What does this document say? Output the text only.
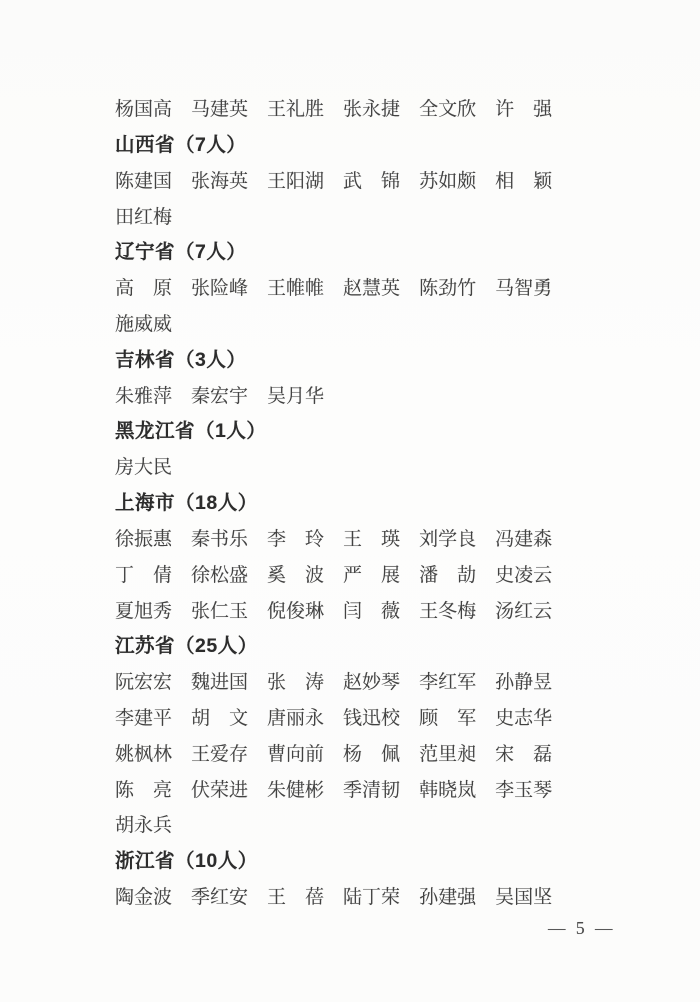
杨国高 马建英 王礼胜 张永捷 全文欣 许　强
山西省（7人）
陈建国 张海英 王阳湖 武　锦 苏如颇 相　颖
田红梅
辽宁省（7人）
高　原 张险峰 王帷帷 赵慧英 陈劲竹 马智勇
施威威
吉林省（3人）
朱雅萍 秦宏宇 吴月华
黑龙江省（1人）
房大民
上海市（18人）
徐振惠 秦书乐 李　玲 王　瑛 刘学良 冯建森
丁　倩 徐松盛 奚　波 严　展 潘　劼 史凌云
夏旭秀 张仁玉 倪俊琳 闫　薇 王冬梅 汤红云
江苏省（25人）
阮宏宏 魏进国 张　涛 赵妙琴 李红军 孙静昱
李建平 胡　文 唐丽永 钱迅校 顾　军 史志华
姚枫林 王爱存 曹向前 杨　佩 范里昶 宋　磊
陈　亮 伏荣进 朱健彬 季清韧 韩晓岚 李玉琴
胡永兵
浙江省（10人）
陶金波 季红安 王　蓓 陆丁荣 孙建强 吴国坚
— 5 —
